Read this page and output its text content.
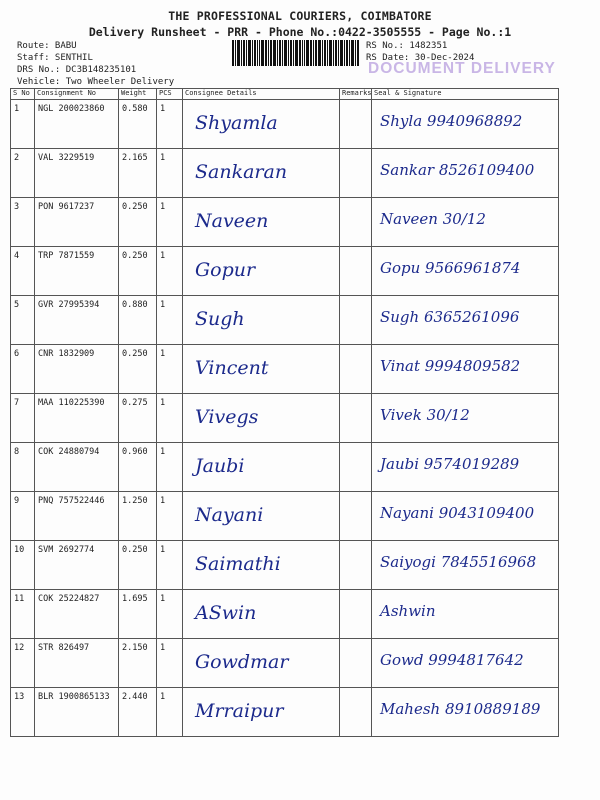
THE PROFESSIONAL COURIERS, COIMBATORE
Delivery Runsheet - PRR - Phone No.:0422-3505555 - Page No.:1
Route: BABU
Staff: SENTHIL
DRS No.: DC3B148235101
Vehicle: Two Wheeler Delivery
RS No.: 1482351
RS Date: 30-Dec-2024
DOCUMENT DELIVERY
S No	Consignment No	Weight	PCS	Consignee Details	Remarks	Seal & Signature
1	NGL 200023860	0.580	1	Shyamla		Shyla 9940968892

2	VAL 3229519	2.165	1	Sankaran		Sankar 8526109400

3	PON 9617237	0.250	1	Naveen		Naveen 30/12

4	TRP 7871559	0.250	1	Gopur		Gopu 9566961874

5	GVR 27995394	0.880	1	Sugh		Sugh 6365261096

6	CNR 1832909	0.250	1	Vincent		Vinat 9994809582

7	MAA 110225390	0.275	1	Vivegs		Vivek 30/12

8	COK 24880794	0.960	1	Jaubi		Jaubi 9574019289

9	PNQ 757522446	1.250	1	Nayani		Nayani 9043109400

10	SVM 2692774	0.250	1	Saimathi		Saiyogi 7845516968

11	COK 25224827	1.695	1	ASwin		Ashwin

12	STR 826497	2.150	1	Gowdmar		Gowd 9994817642

13	BLR 1900865133	2.440	1	Mrraipur		Mahesh 8910889189
